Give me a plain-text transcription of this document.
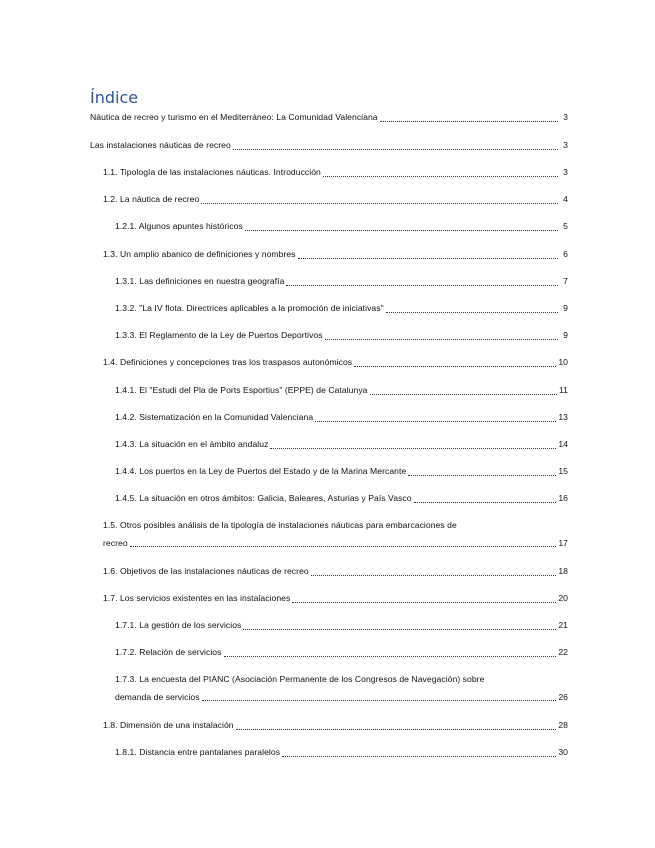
Índice
Náutica de recreo y turismo en el Mediterráneo: La Comunidad Valenciana	3
Las instalaciones náuticas de recreo	3
1.1. Tipología de las instalaciones náuticas. Introducción	3
1.2. La náutica de recreo	4
1.2.1. Algunos apuntes históricos	5
1.3. Un amplio abanico de definiciones y nombres	6
1.3.1. Las definiciones en nuestra geografía	7
1.3.2. "La IV flota. Directrices aplicables a la promoción de iniciativas"	9
1.3.3. El Reglamento de la Ley de Puertos Deportivos	9
1.4. Definiciones y concepciones tras los traspasos autonómicos	10
1.4.1. El "Estudi del Pla de Ports Esportius" (EPPE) de Catalunya	11
1.4.2. Sistematización en la Comunidad Valenciana	13
1.4.3. La situación en el ámbito andaluz	14
1.4.4. Los puertos en la Ley de Puertos del Estado y de la Marina Mercante	15
1.4.5. La situación en otros ámbitos: Galicia, Baleares, Asturias y País Vasco	16
1.5. Otros posibles análisis de la tipología de instalaciones náuticas para embarcaciones de
recreo	17
1.6. Objetivos de las instalaciones náuticas de recreo	18
1.7. Los servicios existentes en las instalaciones	20
1.7.1. La gestión de los servicios	21
1.7.2. Relación de servicios	22
1.7.3. La encuesta del PIANC (Asociación Permanente de los Congresos de Navegación) sobre
demanda de servicios	26
1.8. Dimensión de una instalación	28
1.8.1. Distancia entre pantalanes paralelos	30
